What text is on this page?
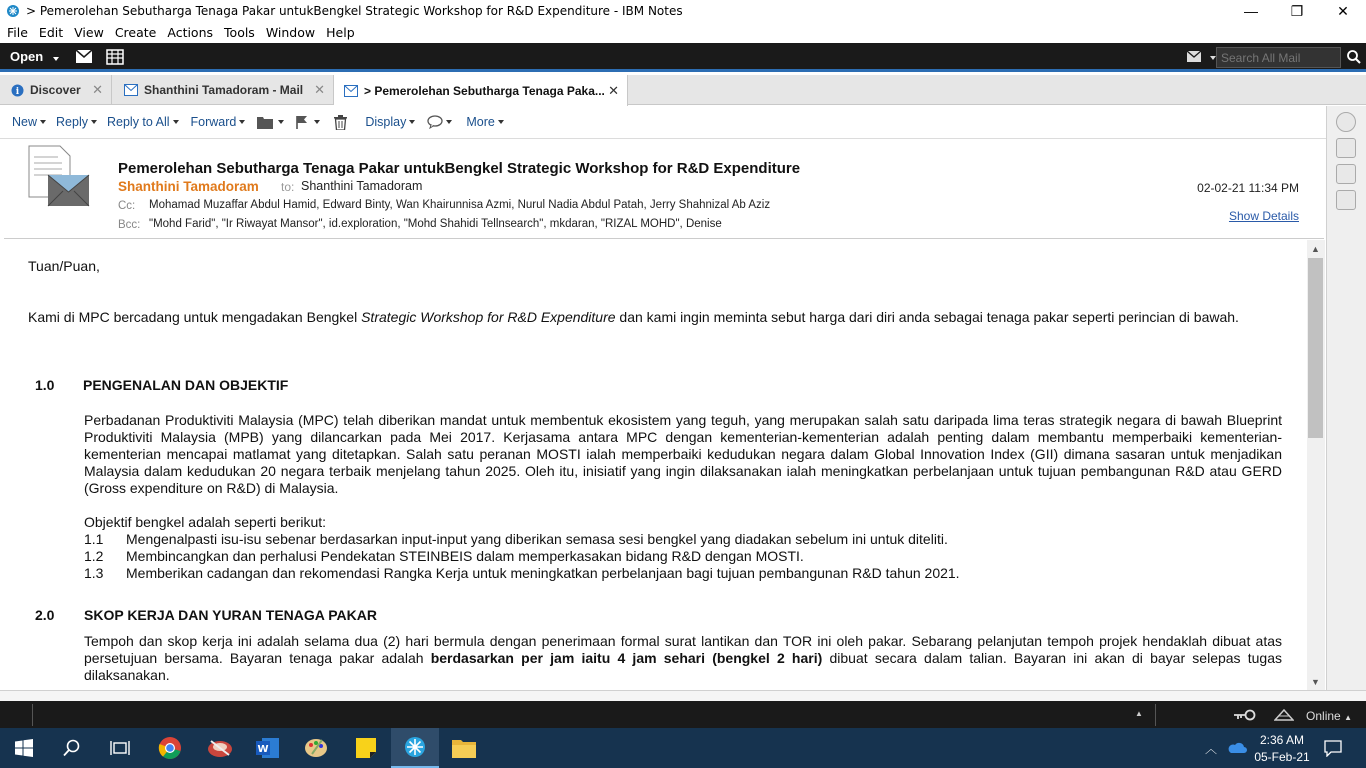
> Pemerolehan Sebutharga Tenaga Pakar untukBengkel Strategic Workshop for R&D Expenditure - IBM Notes	—	❐	✕
File Edit View Create Actions Tools Window Help
Open
Search All Mail
i Discover ✕	Shanthini Tamadoram - Mail ✕	> Pemerolehan Sebutharga Tenaga Paka... ✕
New Reply Reply to All Forward	Display	More
Pemerolehan Sebutharga Tenaga Pakar untukBengkel Strategic Workshop for R&D Expenditure
Shanthini Tamadoram to: Shanthini Tamadoram	02-02-21 11:34 PM
Cc: Mohamad Muzaffar Abdul Hamid, Edward Binty, Wan Khairunnisa Azmi, Nurul Nadia Abdul Patah, Jerry Shahnizal Ab Aziz
Bcc: "Mohd Farid", "Ir Riwayat Mansor", id.exploration, "Mohd Shahidi Tellnsearch", mkdaran, "RIZAL MOHD", Denise
Show Details
Tuan/Puan,
Kami di MPC bercadang untuk mengadakan Bengkel Strategic Workshop for R&D Expenditure dan kami ingin meminta sebut harga dari diri anda sebagai tenaga pakar seperti perincian di bawah.
1.0 PENGENALAN DAN OBJEKTIF
Perbadanan Produktiviti Malaysia (MPC) telah diberikan mandat untuk membentuk ekosistem yang teguh, yang merupakan salah satu daripada lima teras strategik negara di bawah Blueprint Produktiviti Malaysia (MPB) yang dilancarkan pada Mei 2017. Kerjasama antara MPC dengan kementerian-kementerian adalah penting dalam membantu memperbaiki kementerian-kementerian mencapai matlamat yang ditetapkan. Salah satu peranan MOSTI ialah memperbaiki kedudukan negara dalam Global Innovation Index (GII) dimana sasaran untuk menjadikan Malaysia dalam kedudukan 20 negara terbaik menjelang tahun 2025. Oleh itu, inisiatif yang ingin dilaksanakan ialah meningkatkan perbelanjaan untuk tujuan pembangunan R&D atau GERD (Gross expenditure on R&D) di Malaysia.
Objektif bengkel adalah seperti berikut:
1.1 Mengenalpasti isu-isu sebenar berdasarkan input-input yang diberikan semasa sesi bengkel yang diadakan sebelum ini untuk diteliti.
1.2 Membincangkan dan perhalusi Pendekatan STEINBEIS dalam memperkasakan bidang R&D dengan MOSTI.
1.3 Memberikan cadangan dan rekomendasi Rangka Kerja untuk meningkatkan perbelanjaan bagi tujuan pembangunan R&D tahun 2021.
2.0 SKOP KERJA DAN YURAN TENAGA PAKAR
Tempoh dan skop kerja ini adalah selama dua (2) hari bermula dengan penerimaan formal surat lantikan dan TOR ini oleh pakar. Sebarang pelanjutan tempoh projek hendaklah dibuat atas persetujuan bersama. Bayaran tenaga pakar adalah berdasarkan per jam iaitu 4 jam sehari (bengkel 2 hari) dibuat secara dalam talian. Bayaran ini akan di bayar selepas tugas dilaksanakan.
▲
▼
▲	Online ▲
W	︿
2:36 AM
05-Feb-21
